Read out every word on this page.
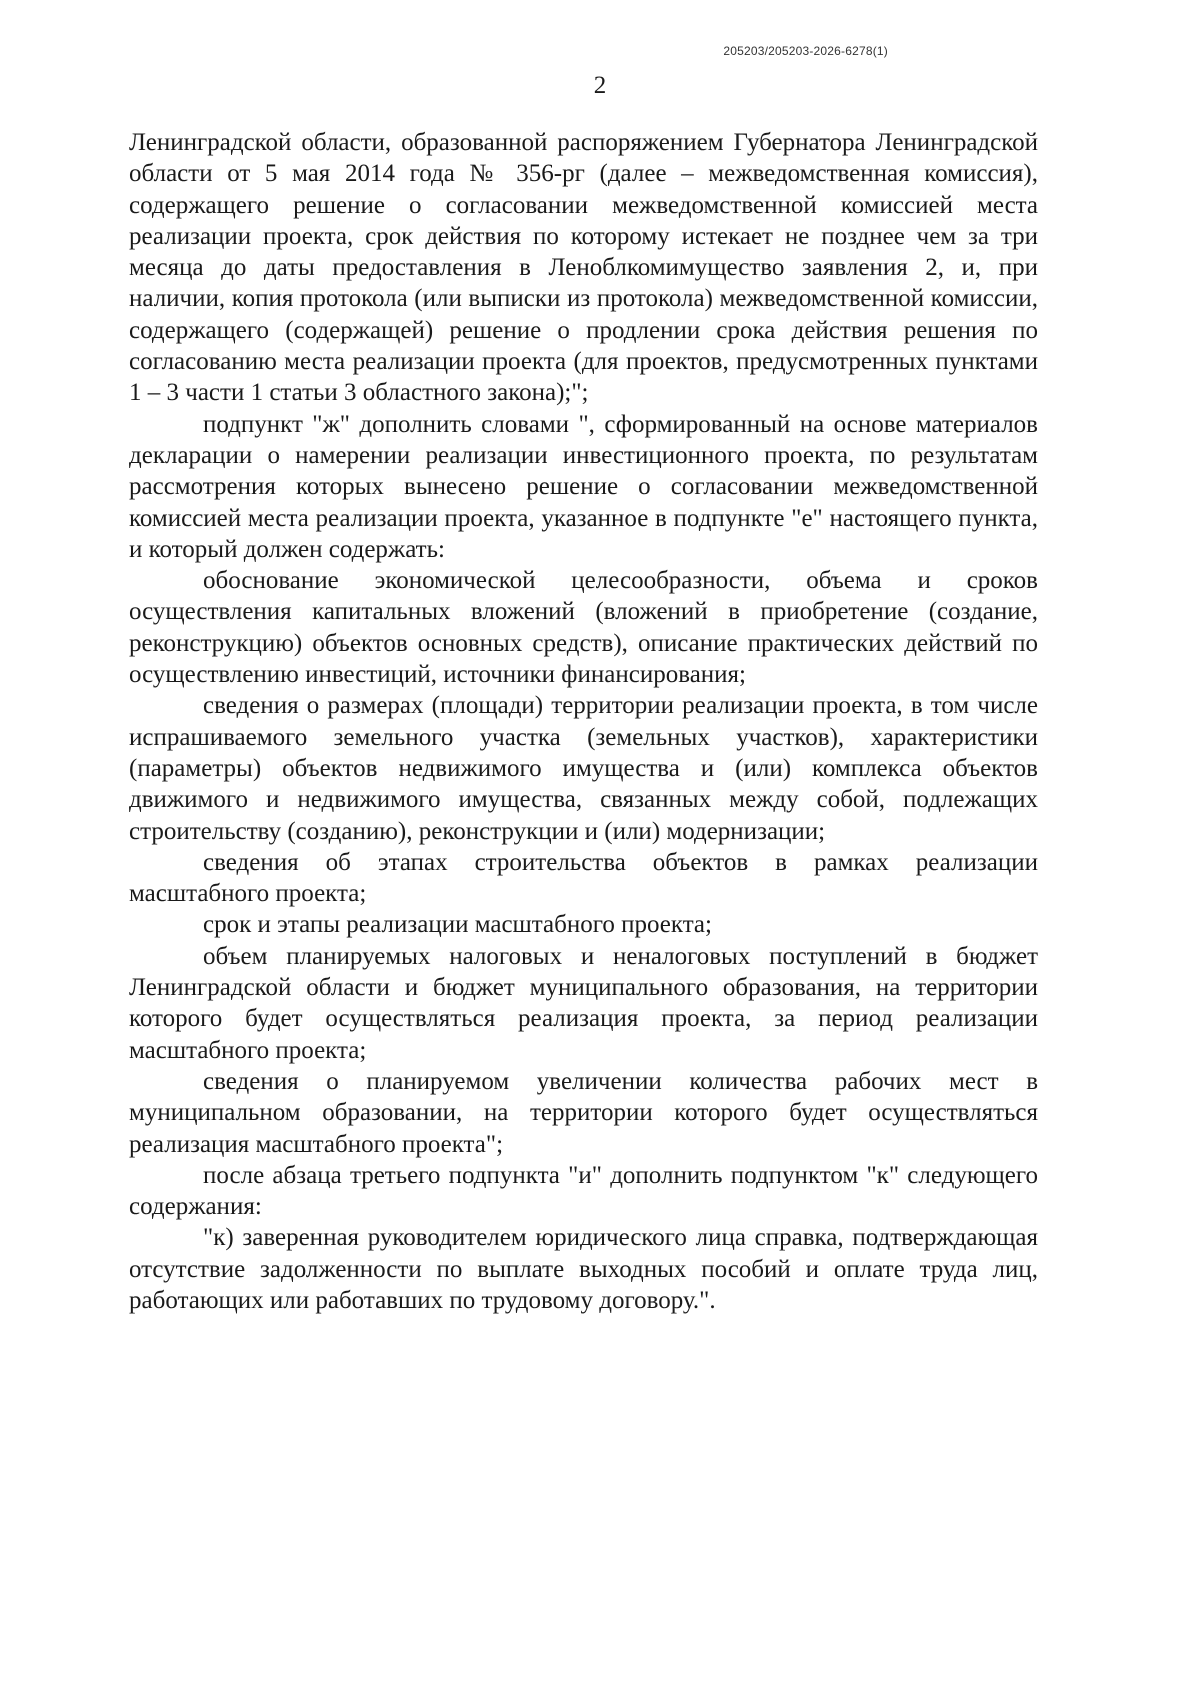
205203/205203-2026-6278(1)
2

Ленинградской области, образованной распоряжением Губернатора Ленинградской области от 5 мая 2014 года № 356-рг (далее – межведомственная комиссия), содержащего решение о согласовании межведомственной комиссией места реализации проекта, срок действия по которому истекает не позднее чем за три месяца до даты предоставления в Леноблкомимущество заявления 2, и, при наличии, копия протокола (или выписки из протокола) межведомственной комиссии, содержащего (содержащей) решение о продлении срока действия решения по согласованию места реализации проекта (для проектов, предусмотренных пунктами 1 – 3 части 1 статьи 3 областного закона);";

подпункт "ж" дополнить словами ", сформированный на основе материалов декларации о намерении реализации инвестиционного проекта, по результатам рассмотрения которых вынесено решение о согласовании межведомственной комиссией места реализации проекта, указанное в подпункте "е" настоящего пункта, и который должен содержать:

обоснование экономической целесообразности, объема и сроков осуществления капитальных вложений (вложений в приобретение (создание, реконструкцию) объектов основных средств), описание практических действий по осуществлению инвестиций, источники финансирования;

сведения о размерах (площади) территории реализации проекта, в том числе испрашиваемого земельного участка (земельных участков), характеристики (параметры) объектов недвижимого имущества и (или) комплекса объектов движимого и недвижимого имущества, связанных между собой, подлежащих строительству (созданию), реконструкции и (или) модернизации;

сведения об этапах строительства объектов в рамках реализации масштабного проекта;

срок и этапы реализации масштабного проекта;

объем планируемых налоговых и неналоговых поступлений в бюджет Ленинградской области и бюджет муниципального образования, на территории которого будет осуществляться реализация проекта, за период реализации масштабного проекта;

сведения о планируемом увеличении количества рабочих мест в муниципальном образовании, на территории которого будет осуществляться реализация масштабного проекта";

после абзаца третьего подпункта "и" дополнить подпунктом "к" следующего содержания:

"к) заверенная руководителем юридического лица справка, подтверждающая отсутствие задолженности по выплате выходных пособий и оплате труда лиц, работающих или работавших по трудовому договору.".
